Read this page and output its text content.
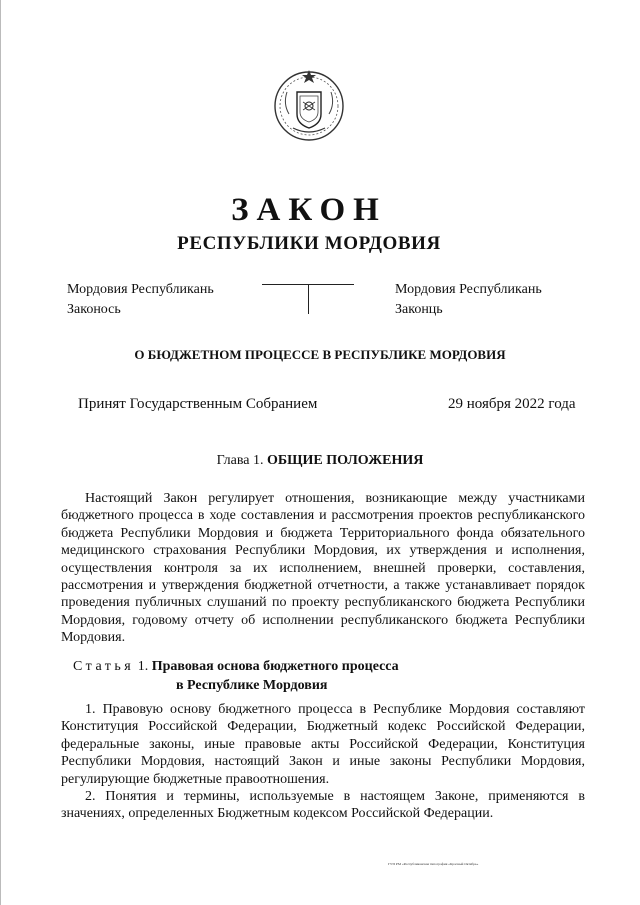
ЗАКОН
РЕСПУБЛИКИ МОРДОВИЯ
Мордовия Республикань
Законось
Мордовия Республикань
Законць
О БЮДЖЕТНОМ ПРОЦЕССЕ В РЕСПУБЛИКЕ МОРДОВИЯ
Принят Государственным Собранием	29 ноября 2022 года
Глава 1. ОБЩИЕ ПОЛОЖЕНИЯ
Настоящий Закон регулирует отношения, возникающие между участниками бюджетного процесса в ходе составления и рассмотрения проектов республиканского бюджета Республики Мордовия и бюджета Территориального фонда обязательного медицинского страхования Республики Мордовия, их утверждения и исполнения, осуществления контроля за их исполнением, внешней проверки, составления, рассмотрения и утверждения бюджетной отчетности, а также устанавливает порядок проведения публичных слушаний по проекту республиканского бюджета Республики Мордовия, годовому отчету об исполнении республиканского бюджета Республики Мордовия.
Статья 1. Правовая основа бюджетного процесса
в Республике Мордовия
1. Правовую основу бюджетного процесса в Республике Мордовия составляют Конституция Российской Федерации, Бюджетный кодекс Российской Федерации, федеральные законы, иные правовые акты Российской Федерации, Конституция Республики Мордовия, настоящий Закон и иные законы Республики Мордовия, регулирующие бюджетные правоотношения.
2. Понятия и термины, используемые в настоящем Законе, применяются в значениях, определенных Бюджетным кодексом Российской Федерации.
ГУП РМ «Республиканская типография «Красный Октябрь»
